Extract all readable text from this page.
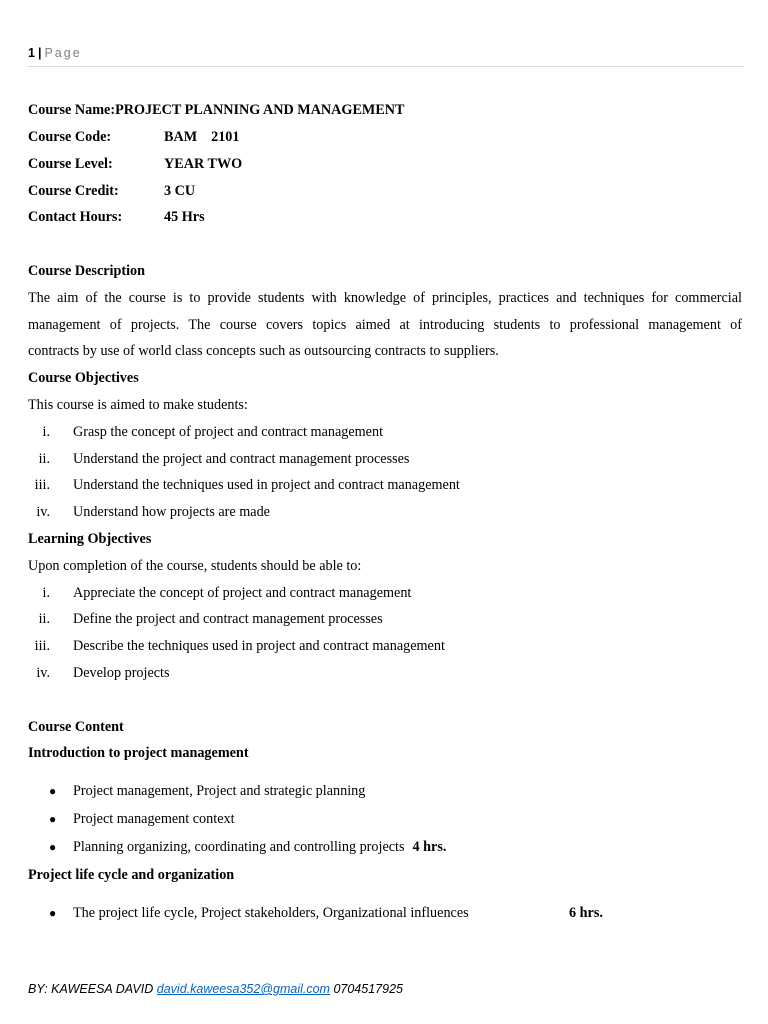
1 | Page
Course Name:PROJECT PLANNING AND MANAGEMENT
Course Code:	BAM 2101
Course Level:	YEAR TWO
Course Credit:	3 CU
Contact Hours:	45 Hrs
Course Description
The aim of the course is to provide students with knowledge of principles, practices and techniques for commercial
management of projects. The course covers topics aimed at introducing students to professional management of
contracts by use of world class concepts such as outsourcing contracts to suppliers.
Course Objectives
This course is aimed to make students:
i. Grasp the concept of project and contract management
ii. Understand the project and contract management processes
iii. Understand the techniques used in project and contract management
iv. Understand how projects are made
Learning Objectives
Upon completion of the course, students should be able to:
i. Appreciate the concept of project and contract management
ii. Define the project and contract management processes
iii. Describe the techniques used in project and contract management
iv. Develop projects
Course Content
Introduction to project management
● Project management, Project and strategic planning
● Project management context
● Planning organizing, coordinating and controlling projects 4 hrs.
Project life cycle and organization
● The project life cycle, Project stakeholders, Organizational influences	6 hrs.
BY: KAWEESA DAVID david.kaweesa352@gmail.com 0704517925
